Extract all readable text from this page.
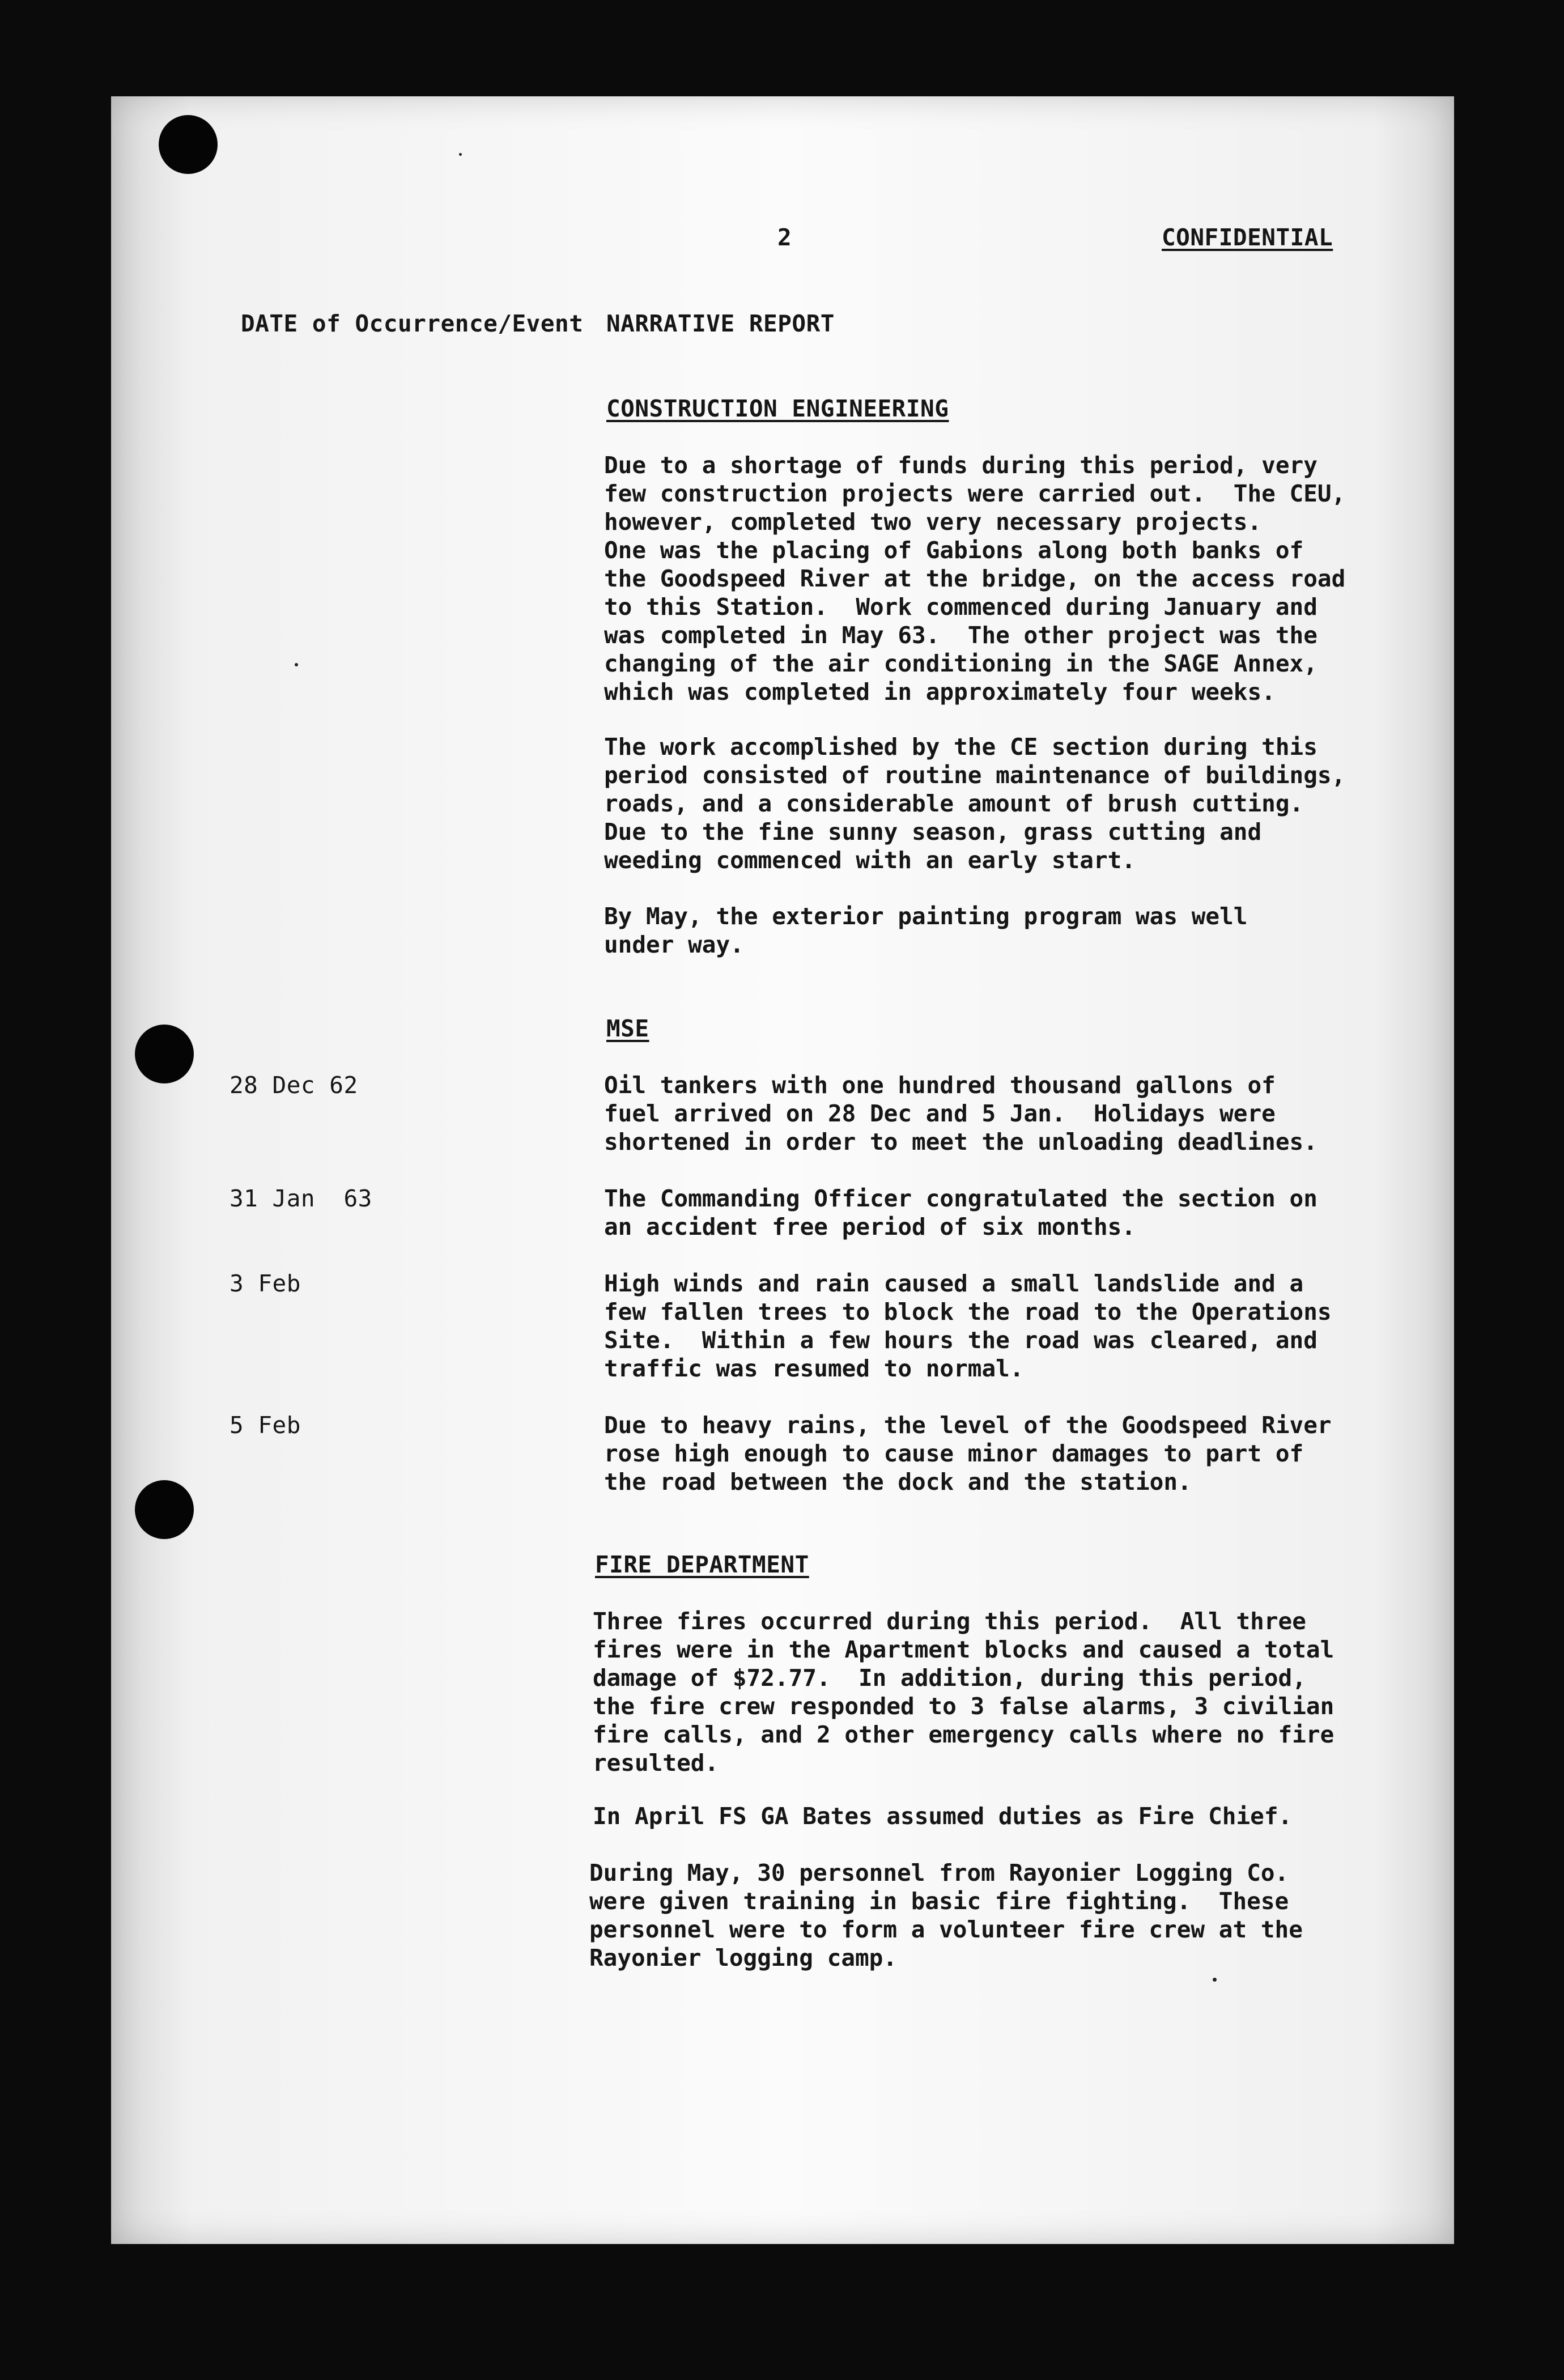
2	CONFIDENTIAL
DATE of Occurrence/Event NARRATIVE REPORT
CONSTRUCTION ENGINEERING
Due to a shortage of funds during this period, very
few construction projects were carried out.  The CEU,
however, completed two very necessary projects.
One was the placing of Gabions along both banks of
the Goodspeed River at the bridge, on the access road
to this Station.  Work commenced during January and
was completed in May 63.  The other project was the
changing of the air conditioning in the SAGE Annex,
which was completed in approximately four weeks.
The work accomplished by the CE section during this
period consisted of routine maintenance of buildings,
roads, and a considerable amount of brush cutting.
Due to the fine sunny season, grass cutting and
weeding commenced with an early start.
By May, the exterior painting program was well
under way.
MSE
28 Dec 62	Oil tankers with one hundred thousand gallons of
fuel arrived on 28 Dec and 5 Jan.  Holidays were
shortened in order to meet the unloading deadlines.
31 Jan  63	The Commanding Officer congratulated the section on
an accident free period of six months.
3 Feb	High winds and rain caused a small landslide and a
few fallen trees to block the road to the Operations
Site.  Within a few hours the road was cleared, and
traffic was resumed to normal.
5 Feb	Due to heavy rains, the level of the Goodspeed River
rose high enough to cause minor damages to part of
the road between the dock and the station.
FIRE DEPARTMENT
Three fires occurred during this period.  All three
fires were in the Apartment blocks and caused a total
damage of $72.77.  In addition, during this period,
the fire crew responded to 3 false alarms, 3 civilian
fire calls, and 2 other emergency calls where no fire
resulted.
In April FS GA Bates assumed duties as Fire Chief.
During May, 30 personnel from Rayonier Logging Co.
were given training in basic fire fighting.  These
personnel were to form a volunteer fire crew at the
Rayonier logging camp.
